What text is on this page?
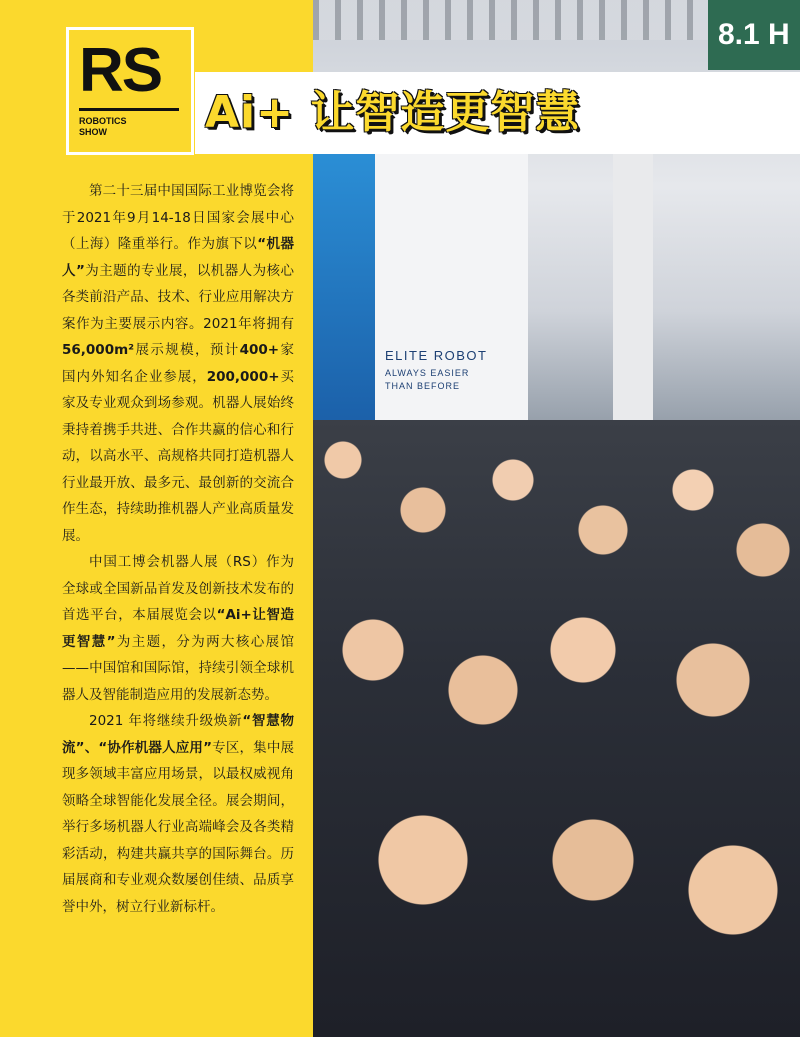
8.1 H
ELITE ROBOT
ALWAYS EASIER
THAN BEFORE
Ai+ 让智造更智慧
RS
ROBOTICS
SHOW

第二十三届中国国际工业博览会将于2021年9月14-18日国家会展中心（上海）隆重举行。作为旗下以“机器人”为主题的专业展，以机器人为核心各类前沿产品、技术、行业应用解决方案作为主要展示内容。2021年将拥有56,000m²展示规模，预计400+家国内外知名企业参展，200,000+买家及专业观众到场参观。机器人展始终秉持着携手共进、合作共赢的信心和行动，以高水平、高规格共同打造机器人行业最开放、最多元、最创新的交流合作生态，持续助推机器人产业高质量发展。

中国工博会机器人展（RS）作为全球或全国新品首发及创新技术发布的首选平台，本届展览会以“Ai+让智造更智慧”为主题，分为两大核心展馆——中国馆和国际馆，持续引领全球机器人及智能制造应用的发展新态势。

2021 年将继续升级焕新“智慧物流”、“协作机器人应用”专区，集中展现多领域丰富应用场景，以最权威视角领略全球智能化发展全径。展会期间，举行多场机器人行业高端峰会及各类精彩活动，构建共赢共享的国际舞台。历届展商和专业观众数屡创佳绩、品质享誉中外，树立行业新标杆。
